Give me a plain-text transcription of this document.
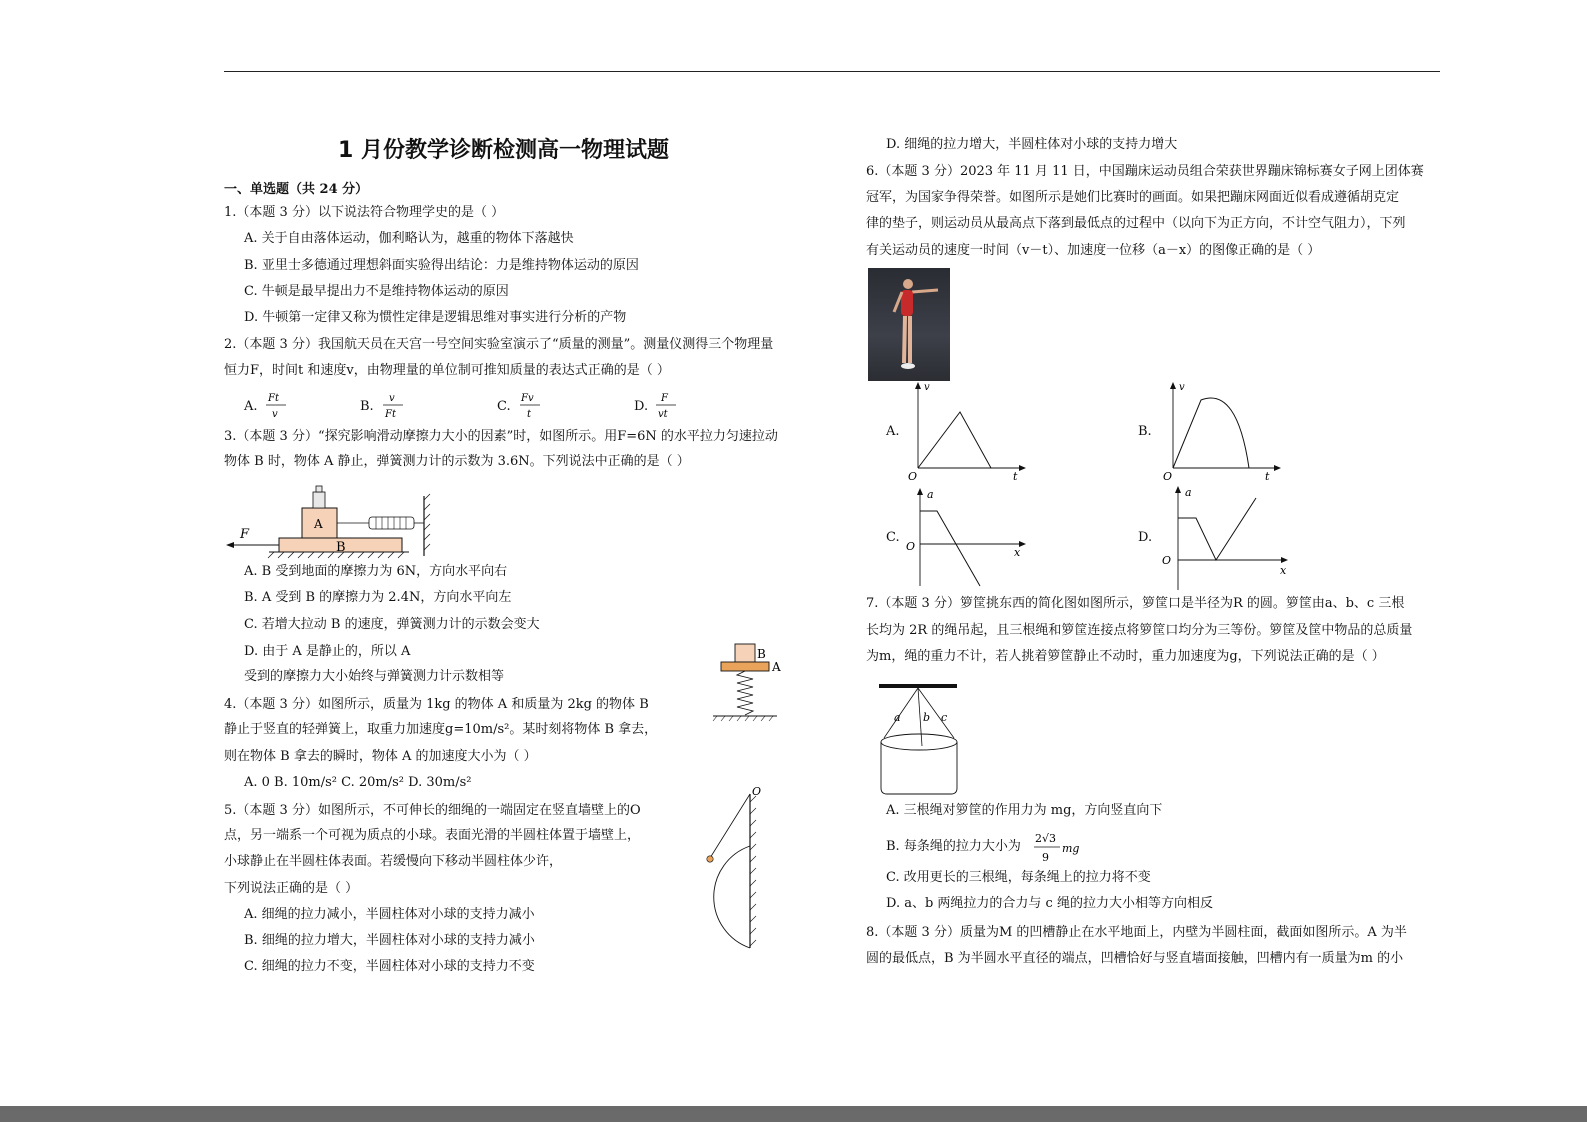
1 月份教学诊断检测高一物理试题
一、单选题（共 24 分）
1.（本题 3 分）以下说法符合物理学史的是（ ）
A. 关于自由落体运动，伽利略认为，越重的物体下落越快
B. 亚里士多德通过理想斜面实验得出结论：力是维持物体运动的原因
C. 牛顿是最早提出力不是维持物体运动的原因
D. 牛顿第一定律又称为惯性定律是逻辑思维对事实进行分析的产物
2.（本题 3 分）我国航天员在天宫一号空间实验室演示了“质量的测量”。测量仪测得三个物理量
恒力F，时间t 和速度v，由物理量的单位制可推知质量的表达式正确的是（ ）
A.	B.	C.	D.
Ft
v
v
Ft
Fv
t
F
vt
3.（本题 3 分）“探究影响滑动摩擦力大小的因素”时，如图所示。用F=6N 的水平拉力匀速拉动
物体 B 时，物体 A 静止，弹簧测力计的示数为 3.6N。下列说法中正确的是（ ）
B
A
F
A. B 受到地面的摩擦力为 6N，方向水平向右
B. A 受到 B 的摩擦力为 2.4N，方向水平向左
C. 若增大拉动 B 的速度，弹簧测力计的示数会变大
D. 由于 A 是静止的，所以 A
受到的摩擦力大小始终与弹簧测力计示数相等
B
A
4.（本题 3 分）如图所示，质量为 1kg 的物体 A 和质量为 2kg 的物体 B
静止于竖直的轻弹簧上，取重力加速度g=10m/s²。某时刻将物体 B 拿去，
则在物体 B 拿去的瞬时，物体 A 的加速度大小为（ ）
A. 0 B. 10m/s² C. 20m/s² D. 30m/s²
O
5.（本题 3 分）如图所示，不可伸长的细绳的一端固定在竖直墙壁上的O
点，另一端系一个可视为质点的小球。表面光滑的半圆柱体置于墙壁上，
小球静止在半圆柱体表面。若缓慢向下移动半圆柱体少许，
下列说法正确的是（ ）
A. 细绳的拉力减小，半圆柱体对小球的支持力减小
B. 细绳的拉力增大，半圆柱体对小球的支持力减小
C. 细绳的拉力不变，半圆柱体对小球的支持力不变
D. 细绳的拉力增大，半圆柱体对小球的支持力增大
6.（本题 3 分）2023 年 11 月 11 日，中国蹦床运动员组合荣获世界蹦床锦标赛女子网上团体赛
冠军，为国家争得荣誉。如图所示是她们比赛时的画面。如果把蹦床网面近似看成遵循胡克定
律的垫子，则运动员从最高点下落到最低点的过程中（以向下为正方向，不计空气阻力），下列
有关运动员的速度一时间（v－t）、加速度一位移（a－x）的图像正确的是（ ）
A.
v
O	t
B.
v
O	t
C.
a
O	x
D.
a
O
x
7.（本题 3 分）箩筐挑东西的简化图如图所示，箩筐口是半径为R 的圆。箩筐由a、b、c 三根
长均为 2R 的绳吊起，且三根绳和箩筐连接点将箩筐口均分为三等份。箩筐及筐中物品的总质量
为m，绳的重力不计，若人挑着箩筐静止不动时，重力加速度为g，下列说法正确的是（ ）
a b c
A. 三根绳对箩筐的作用力为 mg，方向竖直向下
B. 每条绳的拉力大小为
2√3
9
mg
C. 改用更长的三根绳，每条绳上的拉力将不变
D. a、b 两绳拉力的合力与 c 绳的拉力大小相等方向相反
8.（本题 3 分）质量为M 的凹槽静止在水平地面上，内壁为半圆柱面，截面如图所示。A 为半
圆的最低点，B 为半圆水平直径的端点，凹槽恰好与竖直墙面接触，凹槽内有一质量为m 的小
